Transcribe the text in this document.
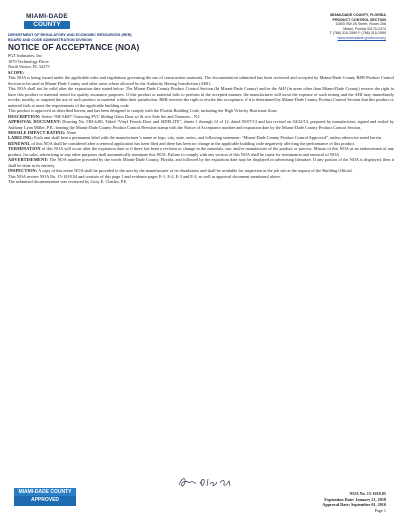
MIAMI-DADE
COUNTY
MIAMI-DADE COUNTY, FLORIDA
PRODUCT CONTROL SECTION
11805 SW 26 Street, Room 208
Miami, Florida 33175-2474
T (786) 315-2590 F (786) 315-2599
www.miamidade.gov/economy
DEPARTMENT OF REGULATORY AND ECONOMIC RESOURCES (RER)
BOARD AND CODE ADMINISTRATION DIVISION
NOTICE OF ACCEPTANCE (NOA)
PGT Industries, Inc.
1070 Technology Drive
North Venice, FL 34275

SCOPE:

This NOA is being issued under the applicable rules and regulations governing the use of construction materials. The documentation submitted has been reviewed and accepted by Miami-Dade County RER-Product Control Section to be used in Miami-Dade County and other areas where allowed by the Authority Having Jurisdiction (AHJ).

This NOA shall not be valid after the expiration date stated below. The Miami-Dade County Product Control Section (In Miami-Dade County) and/or the AHJ (in areas other than Miami-Dade County) reserve the right to have this product or material tested for quality assurance purposes. If this product or material fails to perform in the accepted manner, the manufacturer will incur the expense of such testing and the AHJ may immediately revoke, modify, or suspend the use of such product or material within their jurisdiction. RER reserves the right to revoke this acceptance, if it is determined by Miami-Dade County Product Control Section that this product or material fails to meet the requirements of the applicable building code.

This product is approved as described herein, and has been designed to comply with the Florida Building Code, including the High Velocity Hurricane Zone.

DESCRIPTION: Series “SH-5460” Outswing PVC Sliding Glass Door w/ & w/o Side lite and Transom – N.I.

APPROVAL DOCUMENT: Drawing No. 5HI-4481, Titled “Vinyl French Door and SIDELITE”, sheets 1 through 12 of 12, dated 05/07/13 and last revised on 04/22/13, prepared by manufacturer, signed and sealed by Anthony Lynn Miller, P.E., bearing the Miami-Dade County Product Control Revision stamp with the Notice of Acceptance number and expiration date by the Miami-Dade County Product Control Section.

MISSILE IMPACT RATING: None

LABELING: Each unit shall bear a permanent label with the manufacturer’s name or logo, city, state, series, and following statement: “Miami-Dade County Product Control Approved”, unless otherwise noted herein.

RENEWAL of this NOA shall be considered after a renewal application has been filed and there has been no change in the applicable building code negatively affecting the performance of this product.

TERMINATION of this NOA will occur after the expiration date or if there has been a revision or change in the materials, use, and/or manufacture of the product or process. Misuse of this NOA as an endorsement of any product, for sales, advertising or any other purposes shall automatically terminate this NOA. Failure to comply with any section of this NOA shall be cause for termination and removal of NOA.

ADVERTISEMENT: The NOA number preceded by the words Miami-Dade County, Florida, and followed by the expiration date may be displayed in advertising literature. If any portion of the NOA is displayed, then it shall be done in its entirety.

INSPECTION: A copy of this entire NOA shall be provided to the user by the manufacturer or its distributors and shall be available for inspection at the job site at the request of the Building Official.

This NOA revises NOA No. 15-1018.04 and consists of this page 1 and evidence pages E-1, E-2, E-3 and E-3, as well as approval document mentioned above.

The submitted documentation was reviewed by Lissy E. Charles, P.E.

MIAMI-DADE COUNTY
APPROVED
NOA No. 15-1018.05
Expiration Date: January 21, 2018
Approval Date: September 01, 2016
Page 1
